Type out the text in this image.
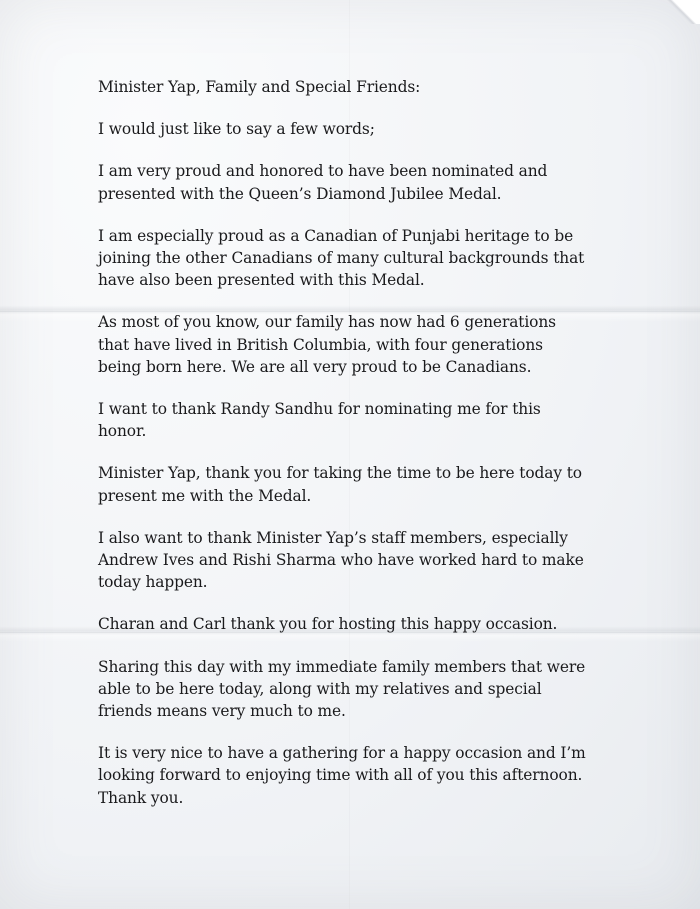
Minister Yap, Family and Special Friends:

I would just like to say a few words;

I am very proud and honored to have been nominated and
presented with the Queen’s Diamond Jubilee Medal.

I am especially proud as a Canadian of Punjabi heritage to be
joining the other Canadians of many cultural backgrounds that
have also been presented with this Medal.

As most of you know, our family has now had 6 generations
that have lived in British Columbia, with four generations
being born here. We are all very proud to be Canadians.

I want to thank Randy Sandhu for nominating me for this
honor.

Minister Yap, thank you for taking the time to be here today to
present me with the Medal.

I also want to thank Minister Yap’s staff members, especially
Andrew Ives and Rishi Sharma who have worked hard to make
today happen.

Charan and Carl thank you for hosting this happy occasion.

Sharing this day with my immediate family members that were
able to be here today, along with my relatives and special
friends means very much to me.

It is very nice to have a gathering for a happy occasion and I’m
looking forward to enjoying time with all of you this afternoon.
Thank you.
